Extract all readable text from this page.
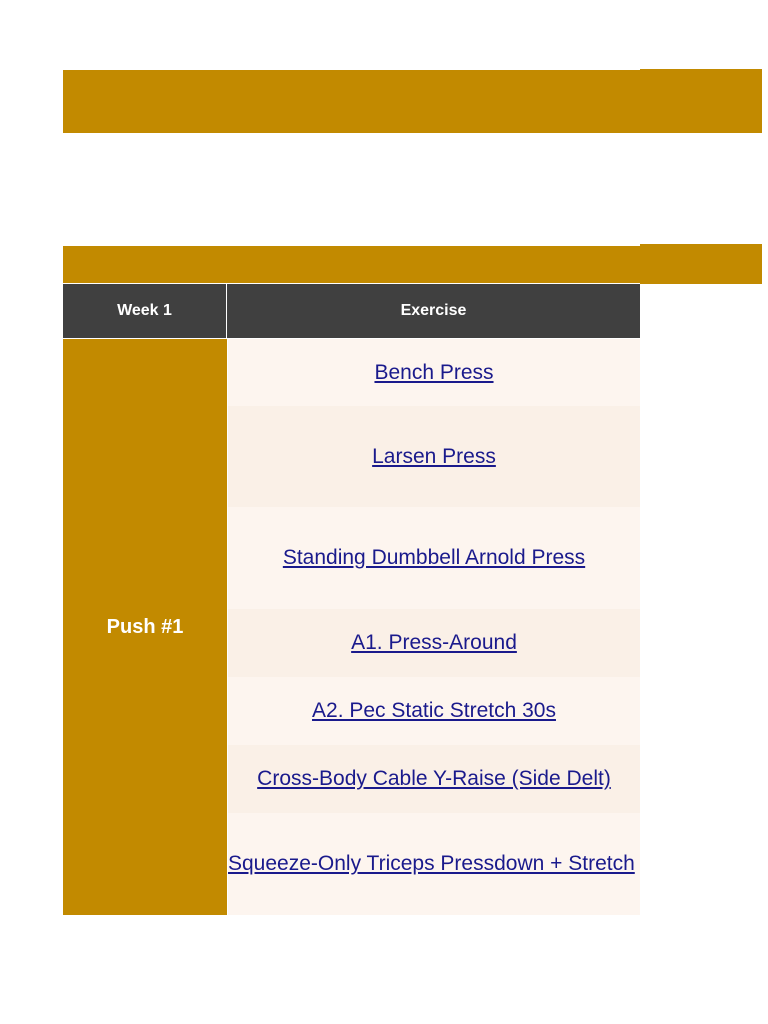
Week 1	Exercise
Push #1
Bench Press
Larsen Press
Standing Dumbbell Arnold Press
A1. Press-Around
A2. Pec Static Stretch 30s
Cross-Body Cable Y-Raise (Side Delt)
Squeeze-Only Triceps Pressdown + Stretch
